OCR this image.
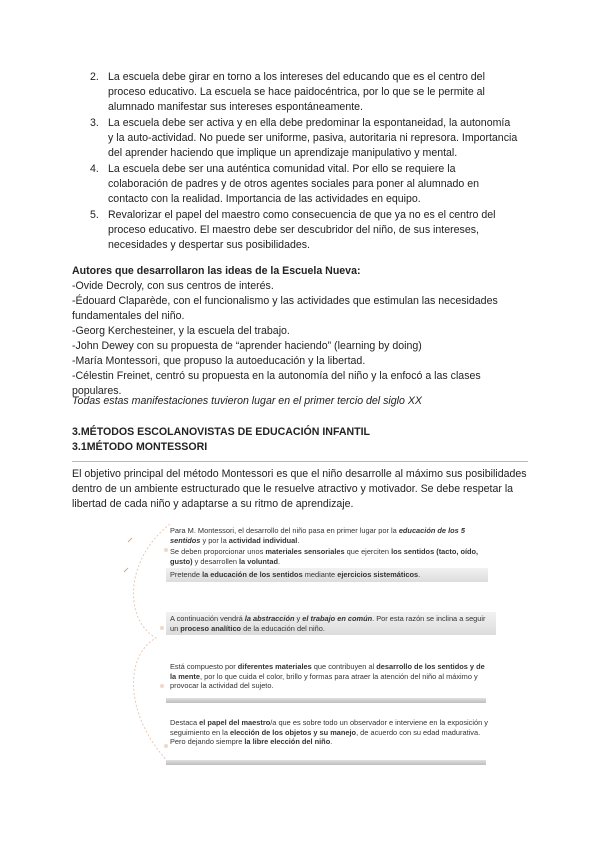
2. La escuela debe girar en torno a los intereses del educando que es el centro del proceso educativo. La escuela se hace paidocéntrica, por lo que se le permite al alumnado manifestar sus intereses espontáneamente.
3. La escuela debe ser activa y en ella debe predominar la espontaneidad, la autonomía y la auto-actividad. No puede ser uniforme, pasiva, autoritaria ni represora. Importancia del aprender haciendo que implique un aprendizaje manipulativo y mental.
4. La escuela debe ser una auténtica comunidad vital. Por ello se requiere la colaboración de padres y de otros agentes sociales para poner al alumnado en contacto con la realidad. Importancia de las actividades en equipo.
5. Revalorizar el papel del maestro como consecuencia de que ya no es el centro del proceso educativo. El maestro debe ser descubridor del niño, de sus intereses, necesidades y despertar sus posibilidades.
Autores que desarrollaron las ideas de la Escuela Nueva:

-Ovide Decroly, con sus centros de interés.

-Édouard Claparède, con el funcionalismo y las actividades que estimulan las necesidades fundamentales del niño.

-Georg Kerchesteiner, y la escuela del trabajo.

-John Dewey con su propuesta de “aprender haciendo” (learning by doing)

-María Montessori, que propuso la autoeducación y la libertad.

-Célestin Freinet, centró su propuesta en la autonomía del niño y la enfocó a las clases populares.

Todas estas manifestaciones tuvieron lugar en el primer tercio del siglo XX
3.MÉTODOS ESCOLANOVISTAS DE EDUCACIÓN INFANTIL
3.1MÉTODO MONTESSORI
El objetivo principal del método Montessori es que el niño desarrolle al máximo sus posibilidades dentro de un ambiente estructurado que le resuelve atractivo y motivador. Se debe respetar la libertad de cada niño y adaptarse a su ritmo de aprendizaje.
Para M. Montessori, el desarrollo del niño pasa en primer lugar por la educación de los 5 sentidos y por la actividad individual.
Se deben proporcionar unos materiales sensoriales que ejerciten los sentidos (tacto, oído, gusto) y desarrollen la voluntad.
Pretende la educación de los sentidos mediante ejercicios sistemáticos.
A continuación vendrá la abstracción y el trabajo en común. Por esta razón se inclina a seguir un proceso analítico de la educación del niño.
Está compuesto por diferentes materiales que contribuyen al desarrollo de los sentidos y de la mente, por lo que cuida el color, brillo y formas para atraer la atención del niño al máximo y provocar la actividad del sujeto.
Destaca el papel del maestro/a que es sobre todo un observador e interviene en la exposición y seguimiento en la elección de los objetos y su manejo, de acuerdo con su edad madurativa. Pero dejando siempre la libre elección del niño.
